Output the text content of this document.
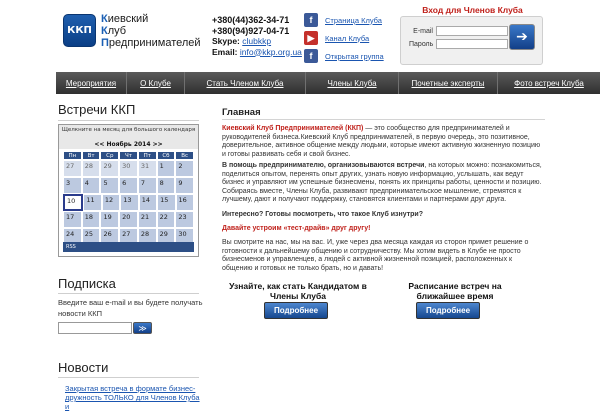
ККП
Киевский
Клуб
Предпринимателей
+380(44)362-34-71
+380(94)927-04-71
Skype: clubkkp
Email: info@kkp.org.ua
f	Страница Клуба
▶	Канал Клуба
f	Открытая группа
Вход для Членов Клуба
E-mail
Пароль	➔
Мероприятия	О Клубе	Стать Членом Клуба	Члены Клуба	Почетные эксперты	Фото встреч Клуба
Встречи ККП
Щелкните на месяц для большого календаря
<< Ноябрь 2014 >>
Пн	Вт	Ср	Чт	Пт	Сб	Вс
27	28	29	30	31	1	2
3	4	5	6	7	8	9
10	11	12	13	14	15	16
17	18	19	20	21	22	23
24	25	26	27	28	29	30
RSS
Подписка
Введите ваш e-mail и вы будете получать новости ККП
≫
Новости
Закрытая встреча в формате бизнес-дружность ТОЛЬКО для Членов Клуба и
Главная
Киевский Клуб Предпринимателей (ККП) — это сообщество для предпринимателей и руководителей бизнеса.Киевский Клуб предпринимателей, в первую очередь, это позитивное, доверительное, активное общение между людьми, которые имеют активную жизненную позицию и готовы развивать себя и свой бизнес.
В помощь предпринимателю, организовываются встречи, на которых можно: познакомиться, поделиться опытом, перенять опыт других, узнать новую информацию, услышать, как ведут бизнес и управляют им успешные бизнесмены, понять их принципы работы, ценности и позицию. Собираясь вместе, Члены Клуба, развивают предпринимательское мышление, стремятся к лучшему, дают и получают поддержку, становятся клиентами и партнерами друг друга.
Интересно? Готовы посмотреть, что такое Клуб изнутри?
Давайте устроим «тест-драйв» друг другу!
Вы смотрите на нас, мы на вас. И, уже через два месяца каждая из сторон примет решение о готовности к дальнейшему общению и сотрудничеству. Мы хотим видеть в Клубе не просто бизнесменов и управленцев, а людей с активной жизненной позицией, расположенных к общению и готовых не только брать, но и давать!
Узнайте, как стать Кандидатом в Члены Клуба
Подробнее
Расписание встреч на ближайшее время
Подробнее
